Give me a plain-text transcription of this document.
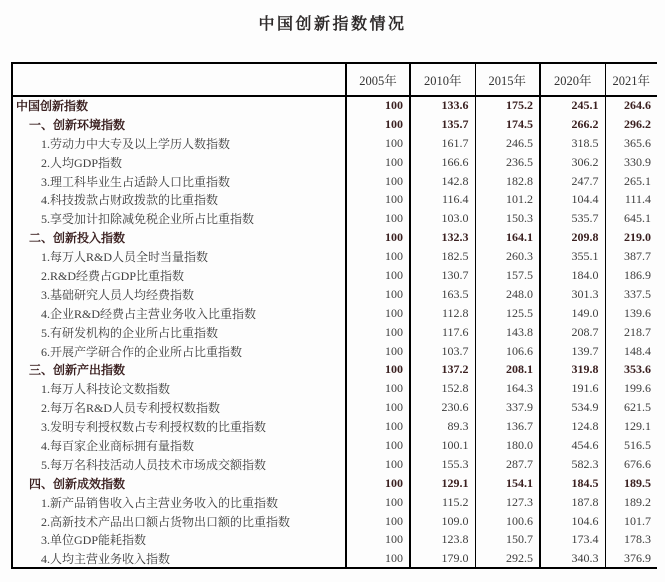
中国创新指数情况
	2005年	2010年	2015年	2020年	2021年
中国创新指数	100	133.6	175.2	245.1	264.6
一、创新环境指数	100	135.7	174.5	266.2	296.2
1.劳动力中大专及以上学历人数指数	100	161.7	246.5	318.5	365.6
2.人均GDP指数	100	166.6	236.5	306.2	330.9
3.理工科毕业生占适龄人口比重指数	100	142.8	182.8	247.7	265.1
4.科技拨款占财政拨款的比重指数	100	116.4	101.2	104.4	111.4
5.享受加计扣除减免税企业所占比重指数	100	103.0	150.3	535.7	645.1
二、创新投入指数	100	132.3	164.1	209.8	219.0
1.每万人R&D人员全时当量指数	100	182.5	260.3	355.1	387.7
2.R&D经费占GDP比重指数	100	130.7	157.5	184.0	186.9
3.基础研究人员人均经费指数	100	163.5	248.0	301.3	337.5
4.企业R&D经费占主营业务收入比重指数	100	112.8	125.5	149.0	139.6
5.有研发机构的企业所占比重指数	100	117.6	143.8	208.7	218.7
6.开展产学研合作的企业所占比重指数	100	103.7	106.6	139.7	148.4
三、创新产出指数	100	137.2	208.1	319.8	353.6
1.每万人科技论文数指数	100	152.8	164.3	191.6	199.6
2.每万名R&D人员专利授权数指数	100	230.6	337.9	534.9	621.5
3.发明专利授权数占专利授权数的比重指数	100	89.3	136.7	124.8	129.1
4.每百家企业商标拥有量指数	100	100.1	180.0	454.6	516.5
5.每万名科技活动人员技术市场成交额指数	100	155.3	287.7	582.3	676.6
四、创新成效指数	100	129.1	154.1	184.5	189.5
1.新产品销售收入占主营业务收入的比重指数	100	115.2	127.3	187.8	189.2
2.高新技术产品出口额占货物出口额的比重指数	100	109.0	100.6	104.6	101.7
3.单位GDP能耗指数	100	123.8	150.7	173.4	178.3
4.人均主营业务收入指数	100	179.0	292.5	340.3	376.9
